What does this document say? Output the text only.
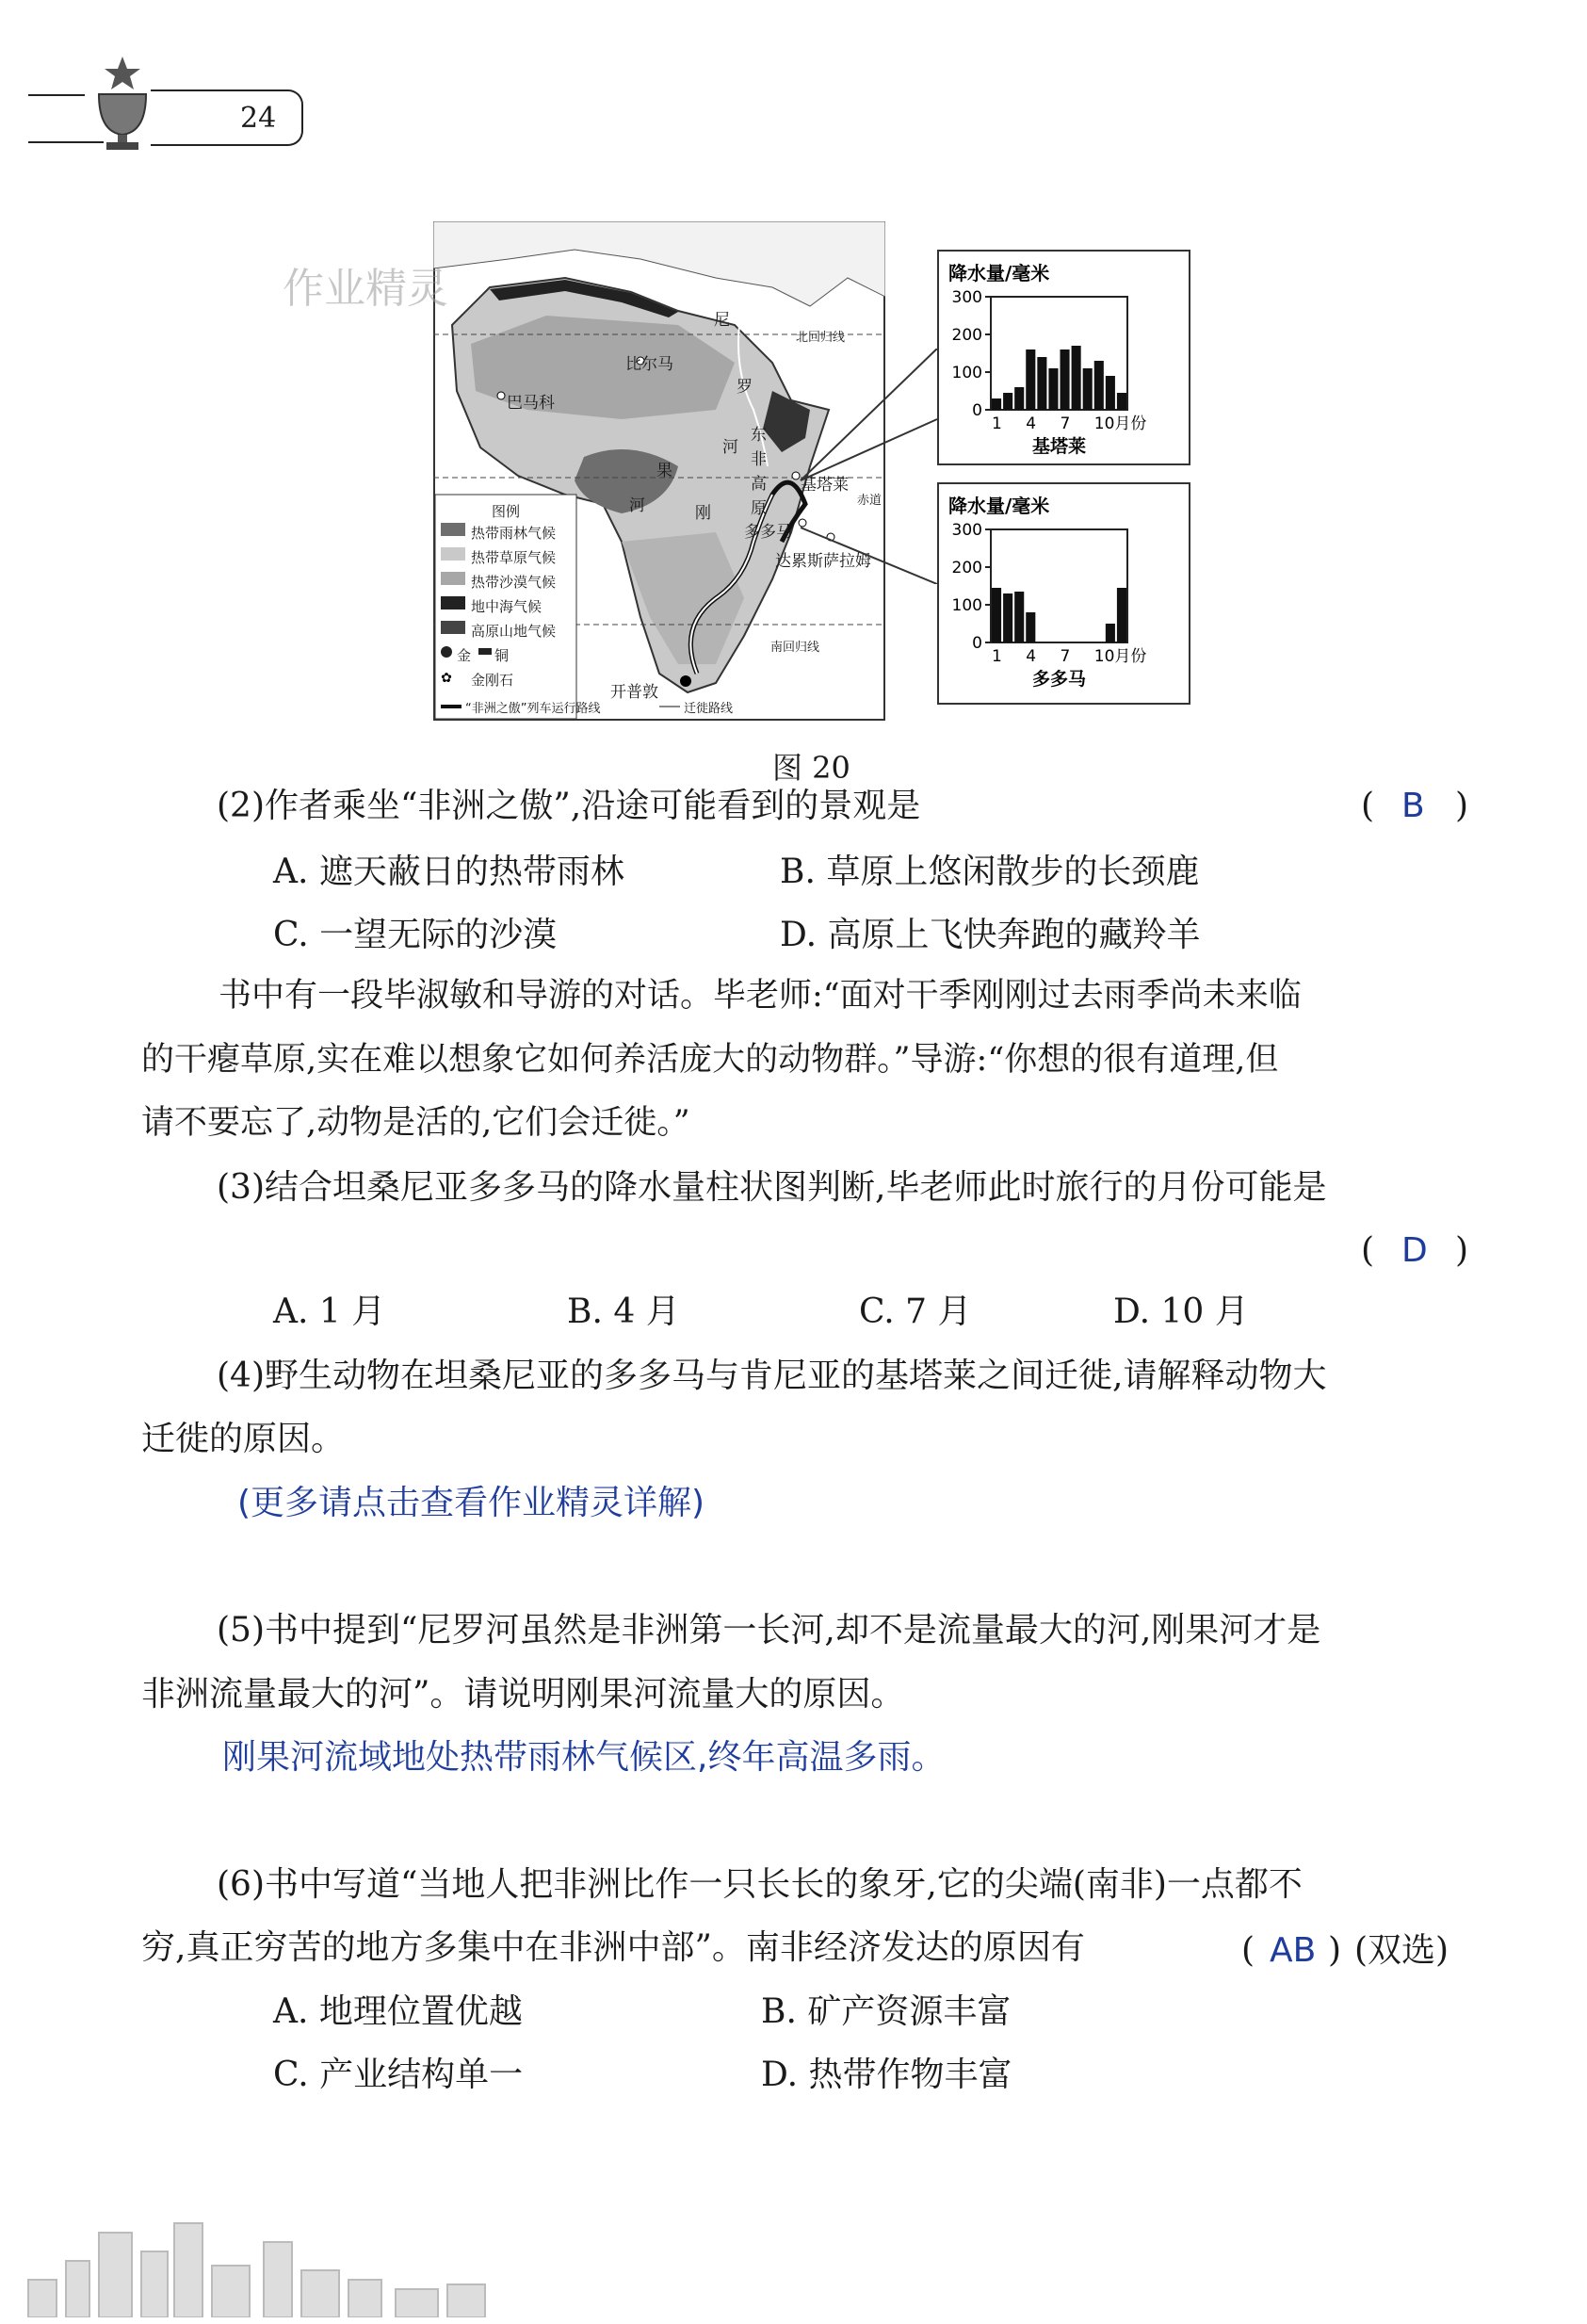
24
✿
作业精灵
比尔马
巴马科
尼
罗
河
东
非
高
原
果
河	刚
基塔莱
多多马
达累斯萨拉姆
开普敦
北回归线
赤道
南回归线
图例
热带雨林气候
热带草原气候
热带沙漠气候
地中海气候
高原山地气候
金 铜
金刚石
“非洲之傲”列车运行路线	迁徙路线
降水量/毫米
0
100
200
300
1 4 7 10月份
基塔莱
降水量/毫米
0
100
200
300
1 4 7 10月份
多多马
图 20
(2)作者乘坐“非洲之傲”,沿途可能看到的景观是	( B )
A. 遮天蔽日的热带雨林	B. 草原上悠闲散步的长颈鹿
C. 一望无际的沙漠	D. 高原上飞快奔跑的藏羚羊
书中有一段毕淑敏和导游的对话。毕老师:“面对干季刚刚过去雨季尚未来临
的干瘪草原,实在难以想象它如何养活庞大的动物群。”导游:“你想的很有道理,但
请不要忘了,动物是活的,它们会迁徙。”
(3)结合坦桑尼亚多多马的降水量柱状图判断,毕老师此时旅行的月份可能是
( D )
A. 1 月	B. 4 月	C. 7 月	D. 10 月
(4)野生动物在坦桑尼亚的多多马与肯尼亚的基塔莱之间迁徙,请解释动物大
迁徙的原因。
(更多请点击查看作业精灵详解)
(5)书中提到“尼罗河虽然是非洲第一长河,却不是流量最大的河,刚果河才是
非洲流量最大的河”。请说明刚果河流量大的原因。
刚果河流域地处热带雨林气候区,终年高温多雨。
(6)书中写道“当地人把非洲比作一只长长的象牙,它的尖端(南非)一点都不
穷,真正穷苦的地方多集中在非洲中部”。南非经济发达的原因有	( AB ) (双选)
A. 地理位置优越	B. 矿产资源丰富
C. 产业结构单一	D. 热带作物丰富
